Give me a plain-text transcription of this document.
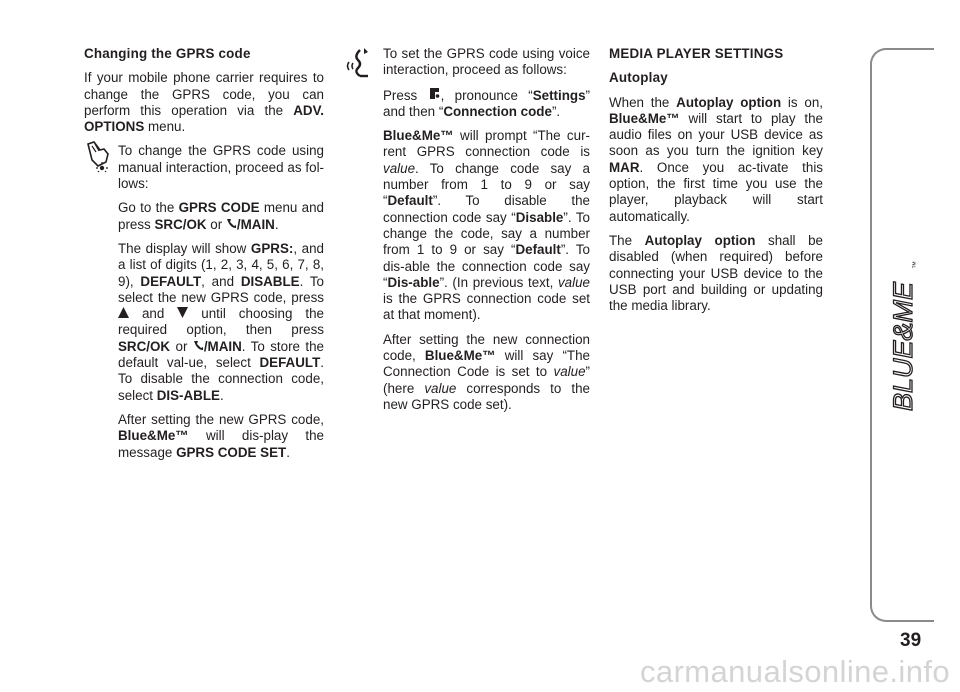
Changing the GPRS code

If your mobile phone carrier requires to change the GPRS code, you can perform this operation via the ADV. OPTIONS menu.

To change the GPRS code using manual interaction, proceed as fol-lows:

Go to the GPRS CODE menu and press SRC/OK or /MAIN.

The display will show GPRS:, and a list of digits (1, 2, 3, 4, 5, 6, 7, 8, 9), DEFAULT, and DISABLE. To select the new GPRS code, press  and  until choosing the required option, then press SRC/OK or /MAIN. To store the default val-ue, select DEFAULT. To disable the connection code, select DIS-ABLE.

After setting the new GPRS code, Blue&Me™ will dis-play the message GPRS CODE SET.

To set the GPRS code using voice interaction, proceed as follows:

Press , pronounce “Settings” and then “Connection code”.

Blue&Me™ will prompt “The cur-rent GPRS connection code is value. To change code say a number from 1 to 9 or say “Default”. To disable the connection code say “Disable”. To change the code, say a number from 1 to 9 or say “Default”. To dis-able the connection code say “Dis-able”. (In previous text, value is the GPRS connection code set at that moment).

After setting the new connection code, Blue&Me™ will say “The Connection Code is set to value” (here value corresponds to the new GPRS code set).

MEDIA PLAYER SETTINGS

Autoplay

When the Autoplay option is on, Blue&Me™ will start to play the audio files on your USB device as soon as you turn the ignition key MAR. Once you ac-tivate this option, the first time you use the player, playback will start automatically.

The Autoplay option shall be disabled (when required) before connecting your USB device to the USB port and building or updating the media library.	BLUE&ME
™
39
carmanualsonline.info
